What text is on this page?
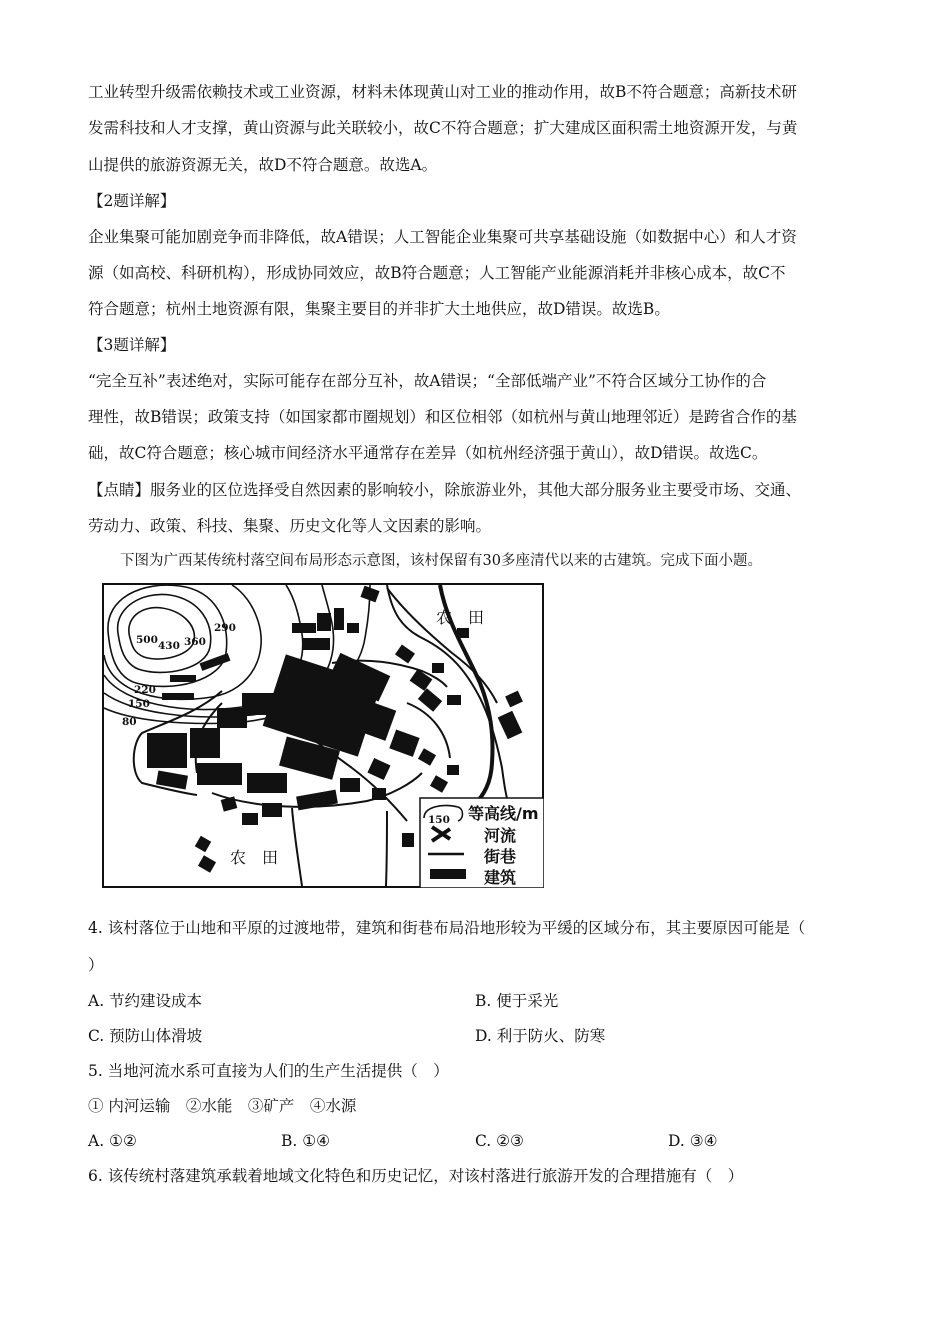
工业转型升级需依赖技术或工业资源，材料未体现黄山对工业的推动作用，故B不符合题意；高新技术研
发需科技和人才支撑，黄山资源与此关联较小，故C不符合题意；扩大建成区面积需土地资源开发，与黄
山提供的旅游资源无关，故D不符合题意。故选A。
【2题详解】
企业集聚可能加剧竞争而非降低，故A错误；人工智能企业集聚可共享基础设施（如数据中心）和人才资
源（如高校、科研机构），形成协同效应，故B符合题意；人工智能产业能源消耗并非核心成本，故C不
符合题意；杭州土地资源有限，集聚主要目的并非扩大土地供应，故D错误。故选B。
【3题详解】
“完全互补”表述绝对，实际可能存在部分互补，故A错误；“全部低端产业”不符合区域分工协作的合
理性，故B错误；政策支持（如国家都市圈规划）和区位相邻（如杭州与黄山地理邻近）是跨省合作的基
础，故C符合题意；核心城市间经济水平通常存在差异（如杭州经济强于黄山），故D错误。故选C。
【点睛】服务业的区位选择受自然因素的影响较小，除旅游业外，其他大部分服务业主要受市场、交通、
劳动力、政策、科技、集聚、历史文化等人文因素的影响。
下图为广西某传统村落空间布局形态示意图，该村保留有30多座清代以来的古建筑。完成下面小题。
500 430 360
290
220
150
80
农　田
农　田
150 等高线/m
河流
街巷
建筑
4. 该村落位于山地和平原的过渡地带，建筑和街巷布局沿地形较为平缓的区域分布，其主要原因可能是（
）
A. 节约建设成本	B. 便于采光
C. 预防山体滑坡	D. 利于防火、防寒
5. 当地河流水系可直接为人们的生产生活提供（　）
① 内河运输　②水能　③矿产　④水源
A. ①②	B. ①④	C. ②③	D. ③④
6. 该传统村落建筑承载着地域文化特色和历史记忆，对该村落进行旅游开发的合理措施有（　）
